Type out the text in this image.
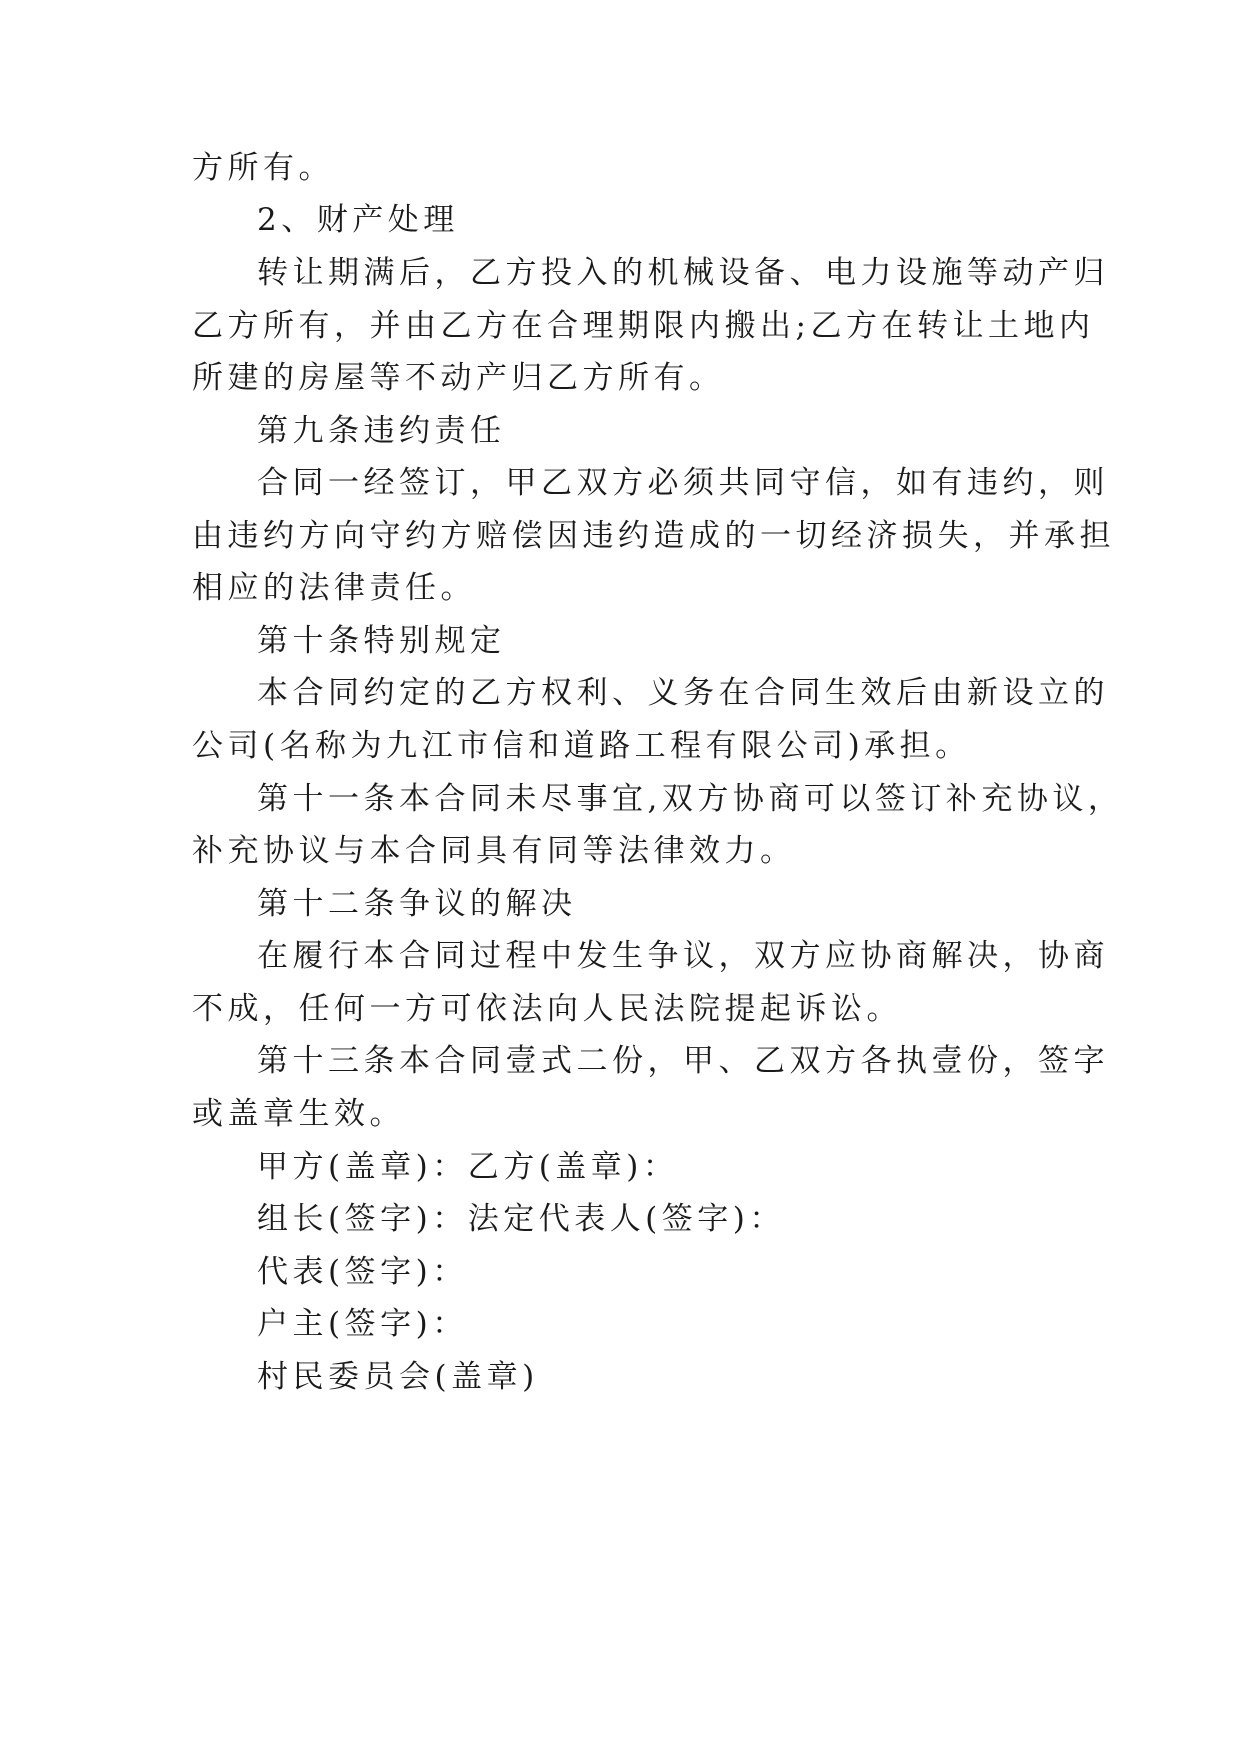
方所有。
2、财产处理
转让期满后，乙方投入的机械设备、电力设施等动产归
乙方所有，并由乙方在合理期限内搬出;乙方在转让土地内
所建的房屋等不动产归乙方所有。
第九条违约责任
合同一经签订，甲乙双方必须共同守信，如有违约，则
由违约方向守约方赔偿因违约造成的一切经济损失，并承担
相应的法律责任。
第十条特别规定
本合同约定的乙方权利、义务在合同生效后由新设立的
公司(名称为九江市信和道路工程有限公司)承担。
第十一条本合同未尽事宜,双方协商可以签订补充协议，
补充协议与本合同具有同等法律效力。
第十二条争议的解决
在履行本合同过程中发生争议，双方应协商解决，协商
不成，任何一方可依法向人民法院提起诉讼。
第十三条本合同壹式二份，甲、乙双方各执壹份，签字
或盖章生效。
甲方(盖章)：乙方(盖章)：
组长(签字)：法定代表人(签字)：
代表(签字)：
户主(签字)：
村民委员会(盖章)
